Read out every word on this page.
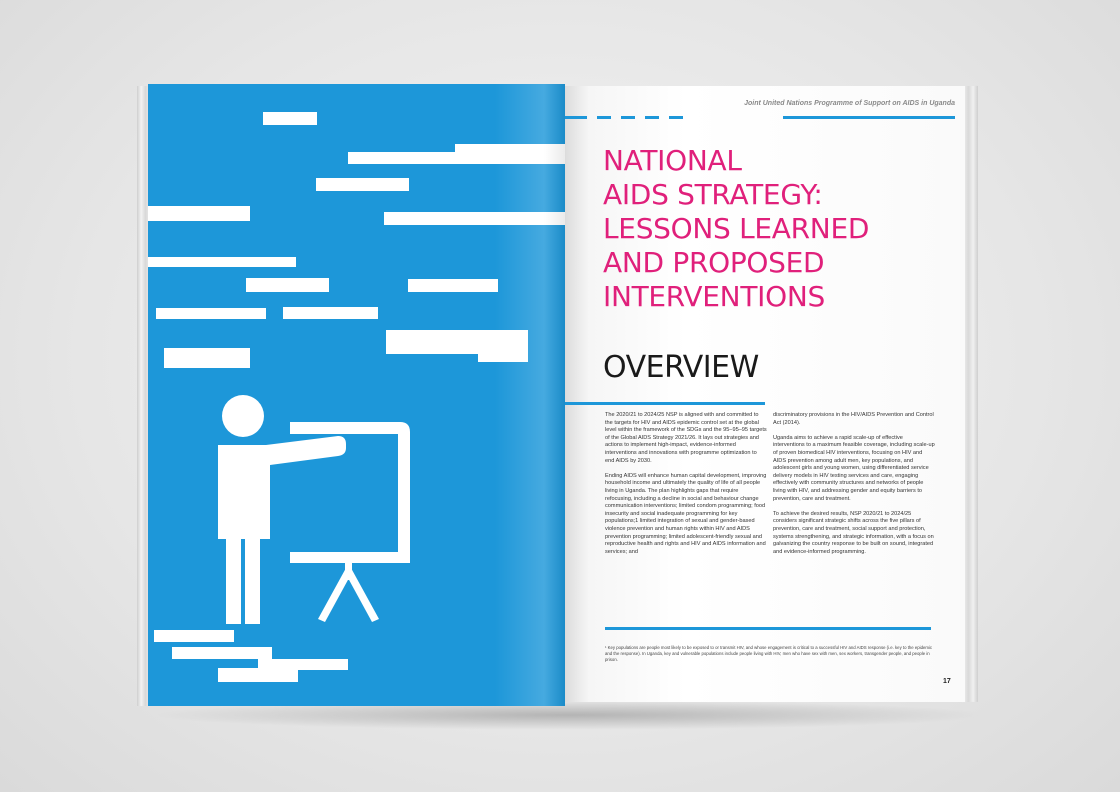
Joint United Nations Programme of Support on AIDS in Uganda
NATIONAL
AIDS STRATEGY:
LESSONS LEARNED
AND PROPOSED
INTERVENTIONS
OVERVIEW

The 2020/21 to 2024/25 NSP is aligned with and committed to the targets for HIV and AIDS epidemic control set at the global level within the framework of the SDGs and the 95–95–95 targets of the Global AIDS Strategy 2021/26. It lays out strategies and actions to implement high-impact, evidence-informed interventions and innovations with programme optimization to end AIDS by 2030.

Ending AIDS will enhance human capital development, improving household income and ultimately the quality of life of all people living in Uganda. The plan highlights gaps that require refocusing, including a decline in social and behaviour change communication interventions; limited condom programming; food insecurity and social inadequate programming for key populations;1 limited integration of sexual and gender-based violence prevention and human rights within HIV and AIDS prevention programming; limited adolescent-friendly sexual and reproductive health and rights and HIV and AIDS information and services; and

discriminatory provisions in the HIV/AIDS Prevention and Control Act (2014).

Uganda aims to achieve a rapid scale-up of effective interventions to a maximum feasible coverage, including scale-up of proven biomedical HIV interventions, focusing on HIV and AIDS prevention among adult men, key populations, and adolescent girls and young women, using differentiated service delivery models in HIV testing services and care, engaging effectively with community structures and networks of people living with HIV, and addressing gender and equity barriers to prevention, care and treatment.

To achieve the desired results, NSP 2020/21 to 2024/25 considers significant strategic shifts across the five pillars of prevention, care and treatment, social support and protection, systems strengthening, and strategic information, with a focus on galvanizing the country response to be built on sound, integrated and evidence-informed programming.

¹ Key populations are people most likely to be exposed to or transmit HIV, and whose engagement is critical to a successful HIV and AIDS response (i.e. key to the epidemic and the response). In Uganda, key and vulnerable populations include people living with HIV, men who have sex with men, sex workers, transgender people, and people in prison.
17
